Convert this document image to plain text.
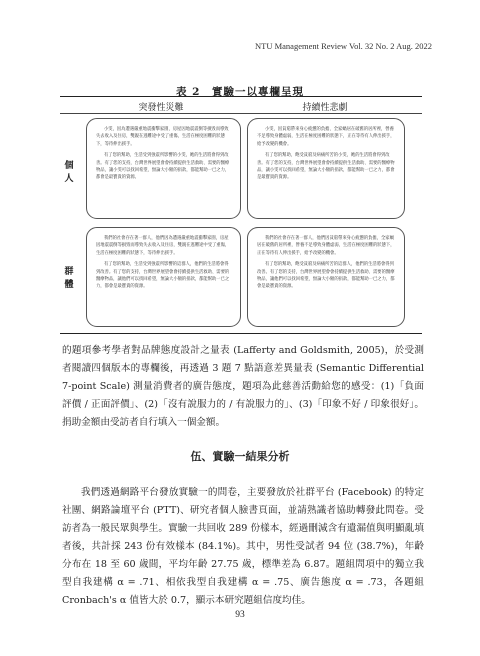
NTU Management Review Vol. 32 No. 2 Aug. 2022
表 2　實驗一以專欄呈現
突發性災難	持續性悲劇
個人
群體

小雯，因為遭遇嚴重地震衝擊家園，房屋因地震震倒等損毀而導致失去收入及住房，雙親在逃難途中受了重傷，生活在極度困難的狀態下，等待伸出援手。

有了您的幫助，生活受到強震所影響的小雯，她的生活將會得到改善。有了您的支持，台灣世界展望會會持續提供生活救助、需要的醫療物品，讓小雯可以找回希望，無論大小額的捐款，都能幫助一已之力，都會是最寶貴的資源。

小雯，因貧窮帶來身心疲憊的負擔，全家蝸居在破舊的居所裡，營養不足導致身體虛弱，生活在極度困難的狀態下，正在等待有人伸出援手，給予改變的機會。

有了您的幫助，飽受貧窮及病痛所苦的小雯，她的生活將會得到改善。有了您的支持，台灣世界展望會會持續提供生活救助、需要的醫療物品，讓小雯可以找回希望，無論大小額的捐款，都能幫助一已之力，都會是最寶貴的資源。

我們的社會存在著一群人，他們因為遭遇嚴重地震衝擊家園，房屋因地震震倒等損毀而導致失去收入及住房，雙親在逃難途中受了重傷，生活在極度困難的狀態下，等待伸出援手。

有了您的幫助，生活受到強震所影響的這群人，他們的生活將會得到改善。有了您的支持，台灣世界展望會會持續提供生活救助、需要的醫療物品，讓他們可以找回希望，無論大小額的捐款，都能幫助一已之力，都會是最寶貴的資源。

我們的社會存在著一群人，他們因貧窮帶來身心疲憊的負擔，全家蝸居在破舊的居所裡，營養不足導致身體虛弱，生活在極度困難的狀態下，正在等待有人伸出援手，給予改變的機會。

有了您的幫助，飽受貧窮及病痛所苦的這群人，他們的生活將會得到改善。有了您的支持，台灣世界展望會會持續提供生活救助、需要的醫療物品，讓他們可以找回希望，無論大小額的捐款，都能幫助一已之力，都會是最寶貴的資源。

的題項參考學者對品牌態度設計之量表 (Lafferty and Goldsmith, 2005)，於受測者閱讀四個版本的專欄後，再透過 3 題 7 點語意差異量表 (Semantic Differential 7-point Scale) 測量消費者的廣告態度，題項為此慈善活動給您的感受：(1)「負面評價 / 正面評價」、(2)「沒有說服力的 / 有說服力的」、(3)「印象不好 / 印象很好」。捐助金額由受訪者自行填入一個金額。

伍、實驗一結果分析

我們透過網路平台發放實驗一的問卷，主要發放於社群平台 (Facebook) 的特定社團、網路論壇平台 (PTT)、研究者個人臉書頁面，並請熟識者協助轉發此問卷。受訪者為一般民眾與學生。實驗一共回收 289 份樣本，經過刪減含有遺漏值與明顯亂填者後，共計採 243 份有效樣本 (84.1%)。其中，男性受試者 94 位 (38.7%)，年齡分布在 18 至 60 歲間，平均年齡 27.75 歲，標準差為 6.87。題組問項中的獨立我型自我建構 α = .71、相依我型自我建構 α = .75、廣告態度 α = .73，各題組 Cronbach's α 值皆大於 0.7，顯示本研究題組信度均佳。

93
